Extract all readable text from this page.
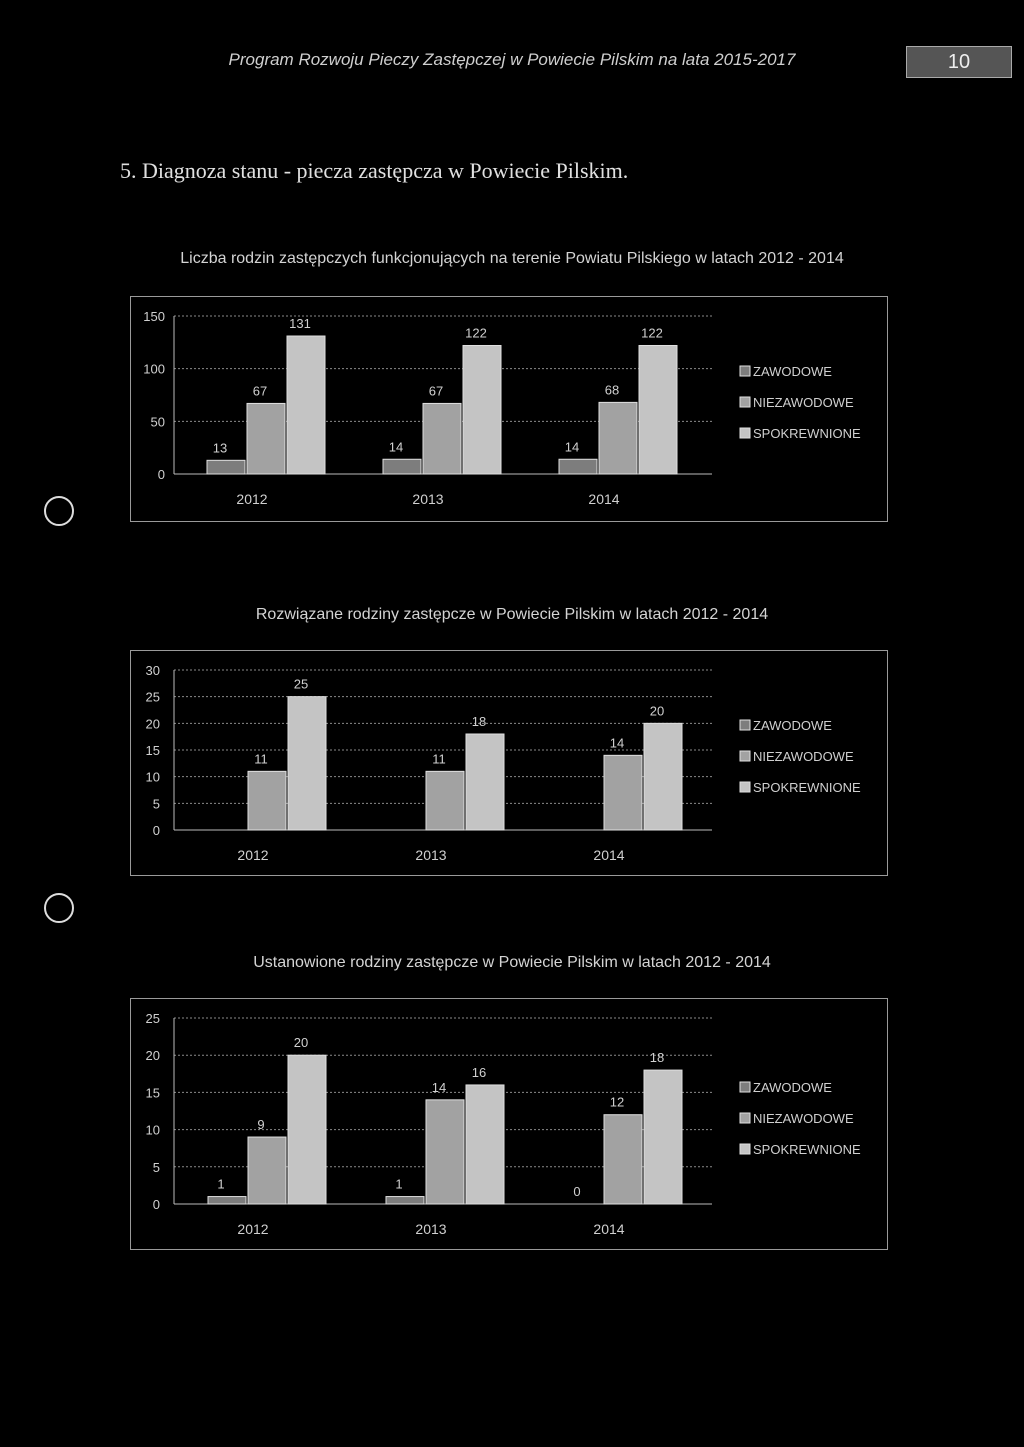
Program Rozwoju Pieczy Zastępczej w Powiecie Pilskim na lata 2015-2017	10
5. Diagnoza stanu - piecza zastępcza w Powiecie Pilskim.
Liczba rodzin zastępczych funkcjonujących na terenie Powiatu Pilskiego w latach 2012 - 2014
0
50
100
150
13
67
131
2012
14
67
122
2013
14
68
122
2014
ZAWODOWE
NIEZAWODOWE
SPOKREWNIONE
Rozwiązane rodziny zastępcze w Powiecie Pilskim w latach 2012 - 2014
0
5
10
15
20
25
30
11
25
2012
11
18
2013
14
20
2014
ZAWODOWE
NIEZAWODOWE
SPOKREWNIONE
Ustanowione rodziny zastępcze w Powiecie Pilskim w latach 2012 - 2014
0
5
10
15
20
25
1
9
20
2012
1
14
16
2013
0
12
18
2014
ZAWODOWE
NIEZAWODOWE
SPOKREWNIONE
